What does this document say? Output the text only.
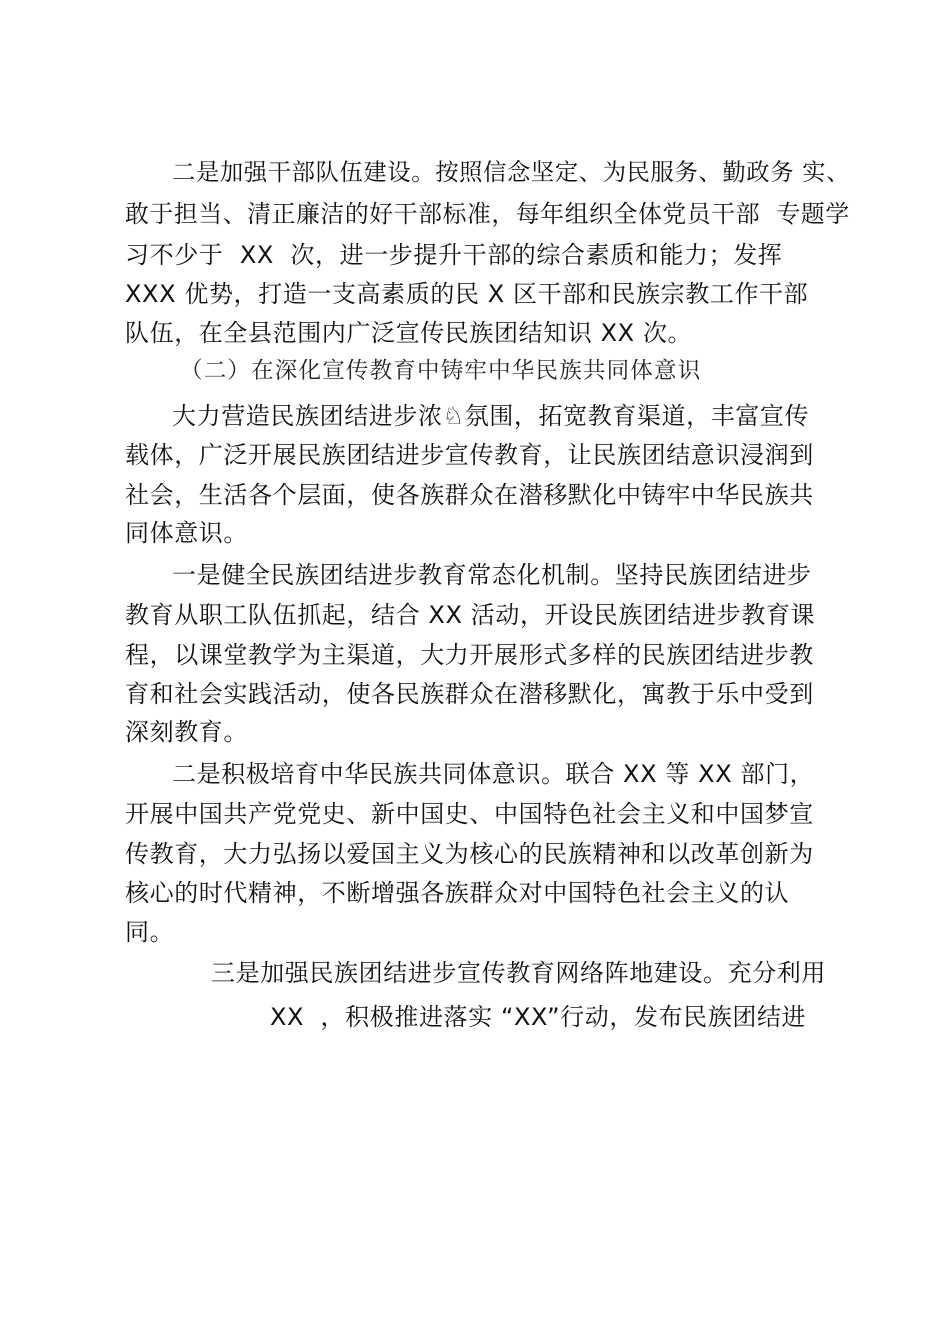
二是加强干部队伍建设。按照信念坚定、为民服务、勤政务 实、
敢于担当、清正廉洁的好干部标准，每年组织全体党员干部  专题学
习不少于  XX  次，进一步提升干部的综合素质和能力；发挥
XXX 优势，打造一支高素质的民 X 区干部和民族宗教工作干部
队伍，在全县范围内广泛宣传民族团结知识 XX 次。
（二）在深化宣传教育中铸牢中华民族共同体意识
大力营造民族团结进步浓♘氛围，拓宽教育渠道，丰富宣传
载体，广泛开展民族团结进步宣传教育，让民族团结意识浸润到
社会，生活各个层面，使各族群众在潜移默化中铸牢中华民族共
同体意识。
一是健全民族团结进步教育常态化机制。坚持民族团结进步
教育从职工队伍抓起，结合 XX 活动，开设民族团结进步教育课
程，以课堂教学为主渠道，大力开展形式多样的民族团结进步教
育和社会实践活动，使各民族群众在潜移默化，寓教于乐中受到
深刻教育。
二是积极培育中华民族共同体意识。联合 XX 等 XX 部门，
开展中国共产党党史、新中国史、中国特色社会主义和中国梦宣
传教育，大力弘扬以爱国主义为核心的民族精神和以改革创新为
核心的时代精神，不断增强各族群众对中国特色社会主义的认
同。
三是加强民族团结进步宣传教育网络阵地建设。充分利用
XX  ，积极推进落实 “XX”行动，发布民族团结进
